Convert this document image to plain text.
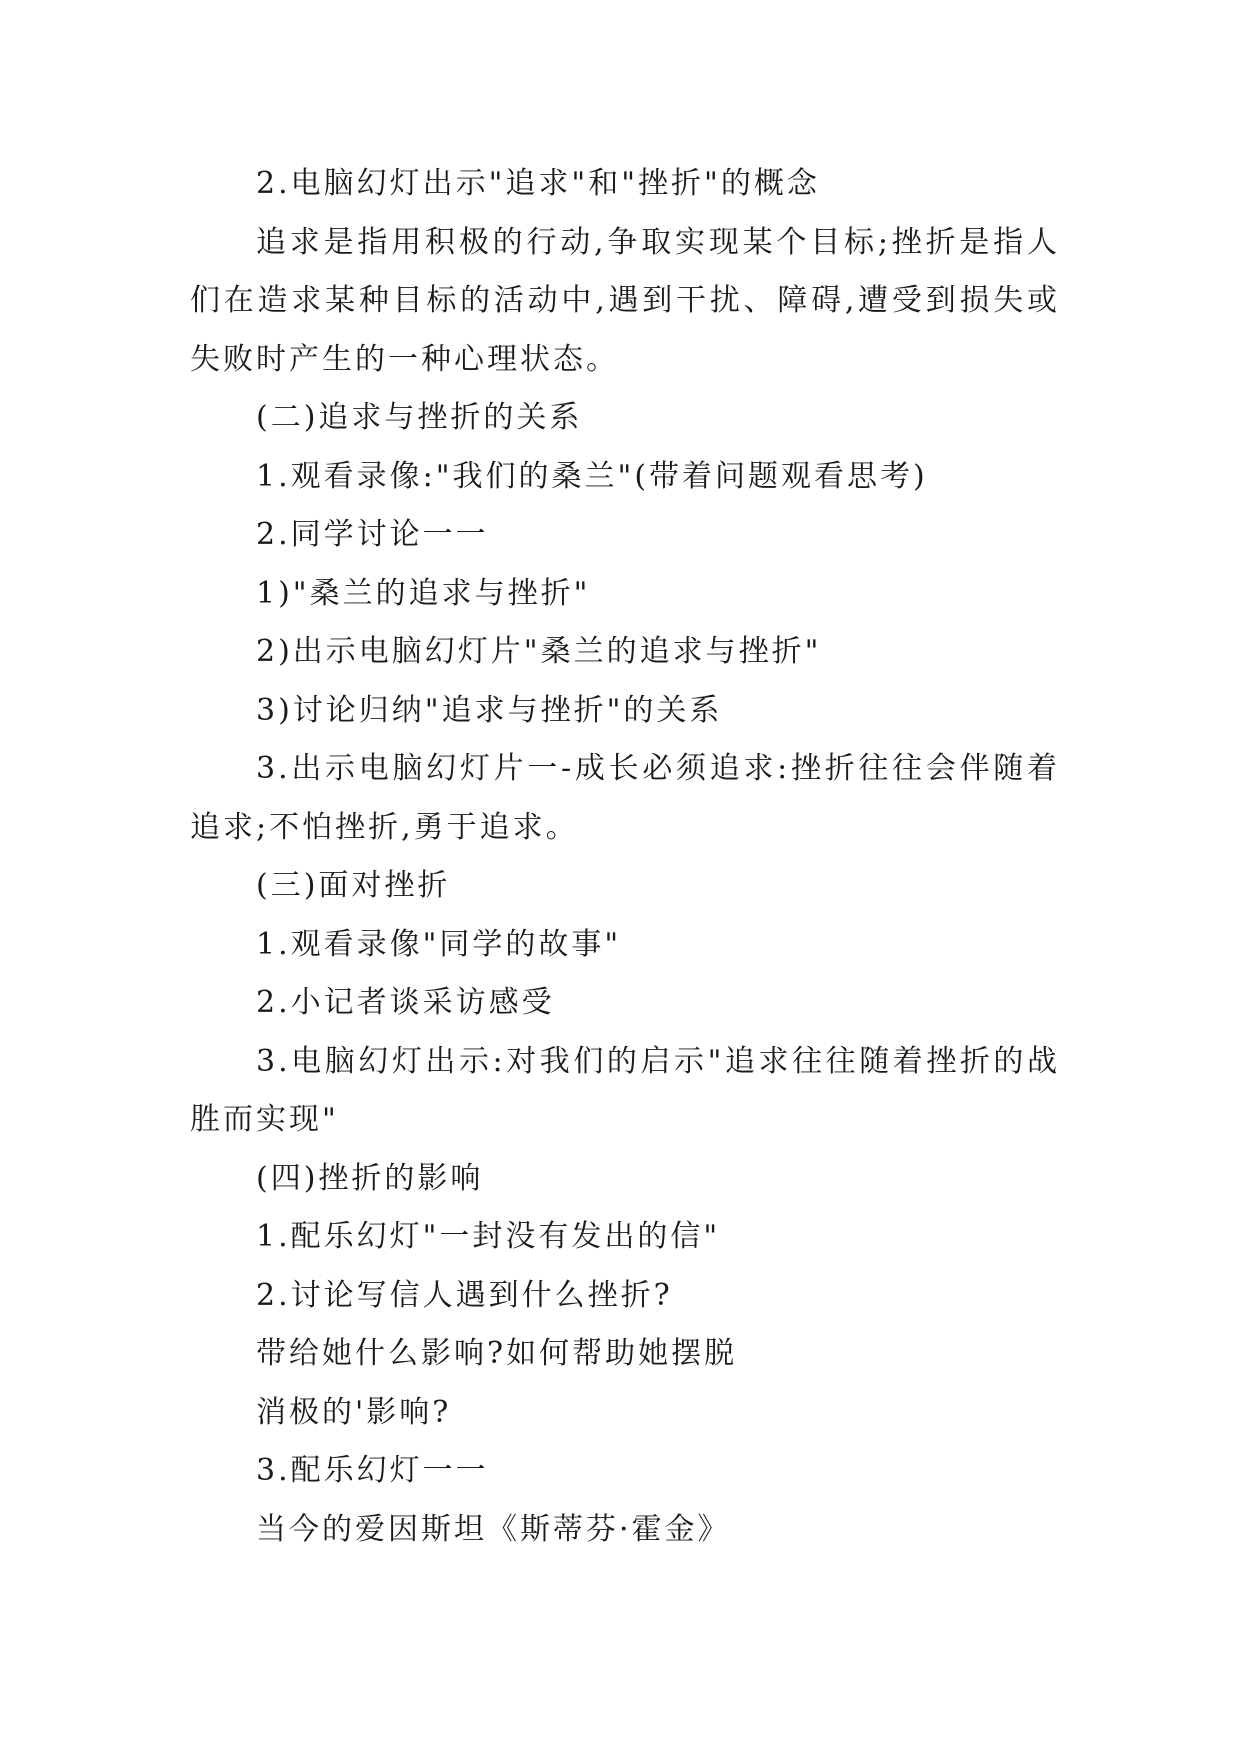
2.电脑幻灯出示"追求"和"挫折"的概念

追求是指用积极的行动,争取实现某个目标;挫折是指人们在造求某种目标的活动中,遇到干扰、障碍,遭受到损失或失败时产生的一种心理状态。

(二)追求与挫折的关系

1.观看录像:"我们的桑兰"(带着问题观看思考)

2.同学讨论一一

1)"桑兰的追求与挫折"

2)出示电脑幻灯片"桑兰的追求与挫折"

3)讨论归纳"追求与挫折"的关系

3.出示电脑幻灯片一-成长必须追求:挫折往往会伴随着追求;不怕挫折,勇于追求。

(三)面对挫折

1.观看录像"同学的故事"

2.小记者谈采访感受

3.电脑幻灯出示:对我们的启示"追求往往随着挫折的战胜而实现"

(四)挫折的影响

1.配乐幻灯"一封没有发出的信"

2.讨论写信人遇到什么挫折?

带给她什么影响?如何帮助她摆脱

消极的'影响?

3.配乐幻灯一一

当今的爱因斯坦《斯蒂芬·霍金》
